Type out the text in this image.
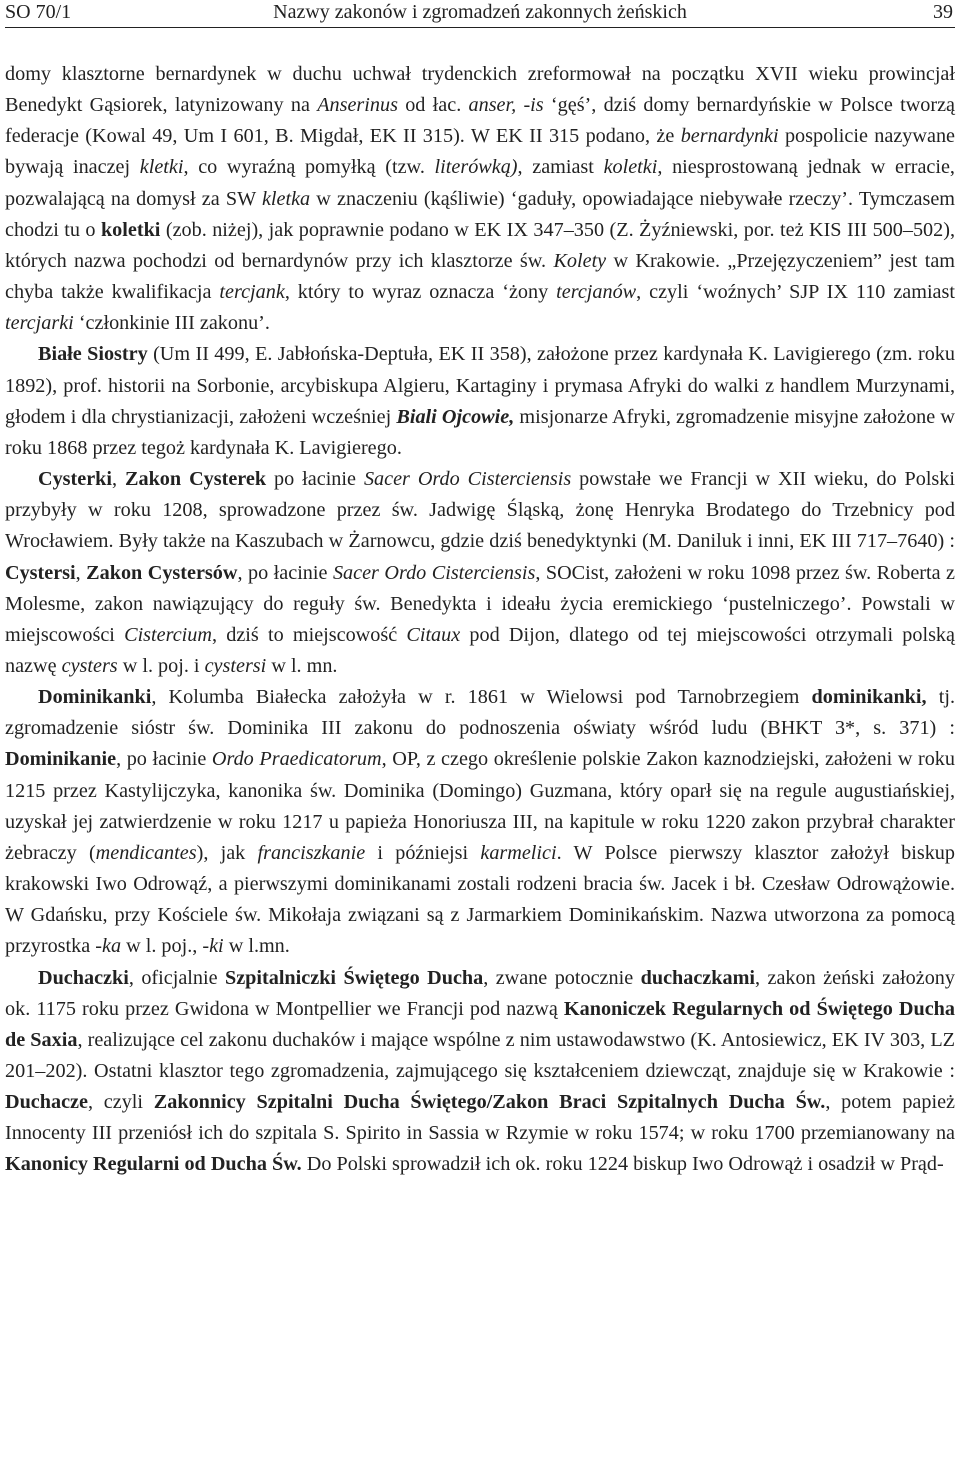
SO 70/1	Nazwy zakonów i zgromadzeń zakonnych żeńskich	39

domy klasztorne bernardynek w duchu uchwał trydenckich zreformował na początku XVII wieku prowincjał Benedykt Gąsiorek, latynizowany na Anserinus od łac. anser, -is ‘gęś’, dziś domy bernardyńskie w Polsce tworzą federacje (Kowal 49, Um I 601, B. Migdał, EK II 315). W EK II 315 podano, że bernardynki pospolicie nazywane bywają inaczej kletki, co wyraźną pomyłką (tzw. literówką), zamiast koletki, niesprostowaną jednak w erracie, pozwalającą na domysł za SW kletka w znaczeniu (kąśliwie) ‘gaduły, opowiadające niebywałe rzeczy’. Tymczasem chodzi tu o koletki (zob. niżej), jak poprawnie podano w EK IX 347–350 (Z. Żyźniewski, por. też KIS III 500–502), których nazwa pochodzi od bernardynów przy ich klasztorze św. Kolety w Krakowie. „Przejęzyczeniem” jest tam chyba także kwalifikacja tercjank, który to wyraz oznacza ‘żony tercjanów, czyli ‘woźnych’ SJP IX 110 zamiast tercjarki ‘członkinie III zakonu’.

Białe Siostry (Um II 499, E. Jabłońska-Deptuła, EK II 358), założone przez kardynała K. Lavigierego (zm. roku 1892), prof. historii na Sorbonie, arcybiskupa Algieru, Kartaginy i prymasa Afryki do walki z handlem Murzynami, głodem i dla chrystianizacji, założeni wcześniej Biali Ojcowie, misjonarze Afryki, zgromadzenie misyjne założone w roku 1868 przez tegoż kardynała K. Lavigierego.

Cysterki, Zakon Cysterek po łacinie Sacer Ordo Cisterciensis powstałe we Francji w XII wieku, do Polski przybyły w roku 1208, sprowadzone przez św. Jadwigę Śląską, żonę Henryka Brodatego do Trzebnicy pod Wrocławiem. Były także na Kaszubach w Żarnowcu, gdzie dziś benedyktynki (M. Daniluk i inni, EK III 717–7640) : Cystersi, Zakon Cystersów, po łacinie Sacer Ordo Cisterciensis, SOCist, założeni w roku 1098 przez św. Roberta z Molesme, zakon nawiązujący do reguły św. Benedykta i ideału życia eremickiego ‘pustelniczego’. Powstali w miejscowości Cistercium, dziś to miejscowość Citaux pod Dijon, dlatego od tej miejscowości otrzymali polską nazwę cysters w l. poj. i cystersi w l. mn.

Dominikanki, Kolumba Białecka założyła w r. 1861 w Wielowsi pod Tarnobrzegiem dominikanki, tj. zgromadzenie sióstr św. Dominika III zakonu do podnoszenia oświaty wśród ludu (BHKT 3*, s. 371) : Dominikanie, po łacinie Ordo Praedicatorum, OP, z czego określenie polskie Zakon kaznodziejski, założeni w roku 1215 przez Kastylijczyka, kanonika św. Dominika (Domingo) Guzmana, który oparł się na regule augustiańskiej, uzyskał jej zatwierdzenie w roku 1217 u papieża Honoriusza III, na kapitule w roku 1220 zakon przybrał charakter żebraczy (mendicantes), jak franciszkanie i późniejsi karmelici. W Polsce pierwszy klasztor założył biskup krakowski Iwo Odrowąź, a pierwszymi dominikanami zostali rodzeni bracia św. Jacek i bł. Czesław Odrowążowie. W Gdańsku, przy Kościele św. Mikołaja związani są z Jarmarkiem Dominikańskim. Nazwa utworzona za pomocą przyrostka -ka w l. poj., -ki w l.mn.

Duchaczki, oficjalnie Szpitalniczki Świętego Ducha, zwane potocznie duchaczkami, zakon żeński założony ok. 1175 roku przez Gwidona w Montpellier we Francji pod nazwą Kanoniczek Regularnych od Świętego Ducha de Saxia, realizujące cel zakonu duchaków i mające wspólne z nim ustawodawstwo (K. Antosiewicz, EK IV 303, LZ 201–202). Ostatni klasztor tego zgromadzenia, zajmującego się kształceniem dziewcząt, znajduje się w Krakowie : Duchacze, czyli Zakonnicy Szpitalni Ducha Świętego/Zakon Braci Szpitalnych Ducha Św., potem papież Innocenty III przeniósł ich do szpitala S. Spirito in Sassia w Rzymie w roku 1574; w roku 1700 przemianowany na Kanonicy Regularni od Ducha Św. Do Polski sprowadził ich ok. roku 1224 biskup Iwo Odrowąż i osadził w Prąd-
